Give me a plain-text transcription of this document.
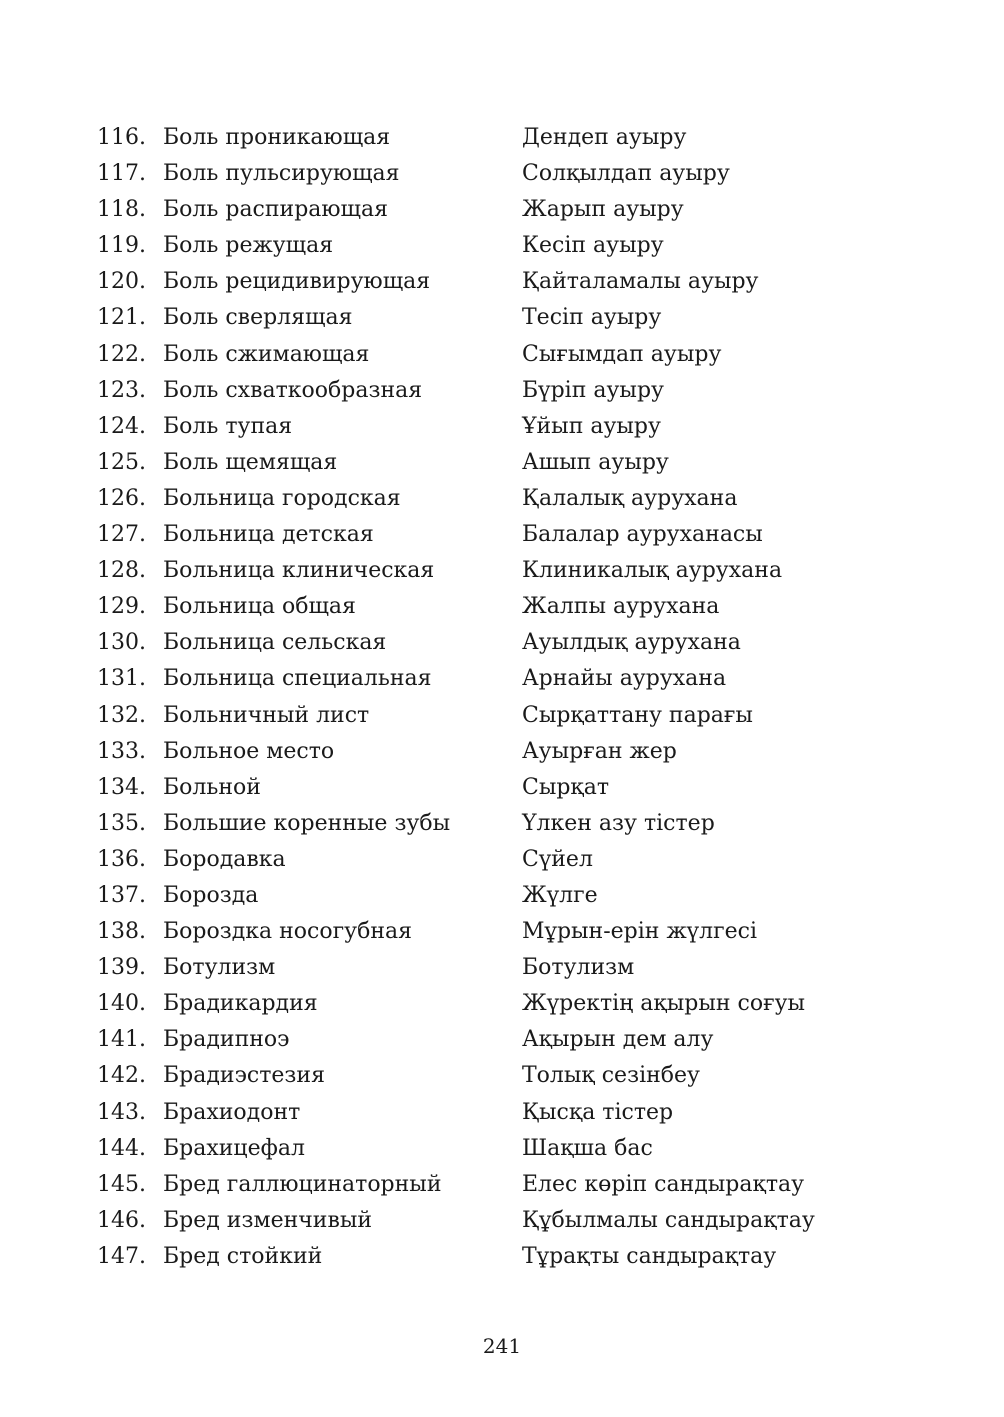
116. Боль проникающая	Дендеп ауыру
117. Боль пульсирующая	Солқылдап ауыру
118. Боль распирающая	Жарып ауыру
119. Боль режущая	Кесіп ауыру
120. Боль рецидивирующая	Қайталамалы ауыру
121. Боль сверлящая	Тесіп ауыру
122. Боль сжимающая	Сығымдап ауыру
123. Боль схваткообразная	Бүріп ауыру
124. Боль тупая	Ұйып ауыру
125. Боль щемящая	Ашып ауыру
126. Больница городская	Қалалық аурухана
127. Больница детская	Балалар ауруханасы
128. Больница клиническая	Клиникалық аурухана
129. Больница общая	Жалпы аурухана
130. Больница сельская	Ауылдық аурухана
131. Больница специальная	Арнайы аурухана
132. Больничный лист	Сырқаттану парағы
133. Больное место	Ауырған жер
134. Больной	Сырқат
135. Большие коренные зубы	Үлкен азу тістер
136. Бородавка	Сүйел
137. Борозда	Жүлге
138. Бороздка носогубная	Мұрын-ерін жүлгесі
139. Ботулизм	Ботулизм
140. Брадикардия	Жүректің ақырын соғуы
141. Брадипноэ	Ақырын дем алу
142. Брадиэстезия	Толық сезінбеу
143. Брахиодонт	Қысқа тістер
144. Брахицефал	Шақша бас
145. Бред галлюцинаторный	Елес көріп сандырақтау
146. Бред изменчивый	Құбылмалы сандырақтау
147. Бред стойкий	Тұрақты сандырақтау
241
